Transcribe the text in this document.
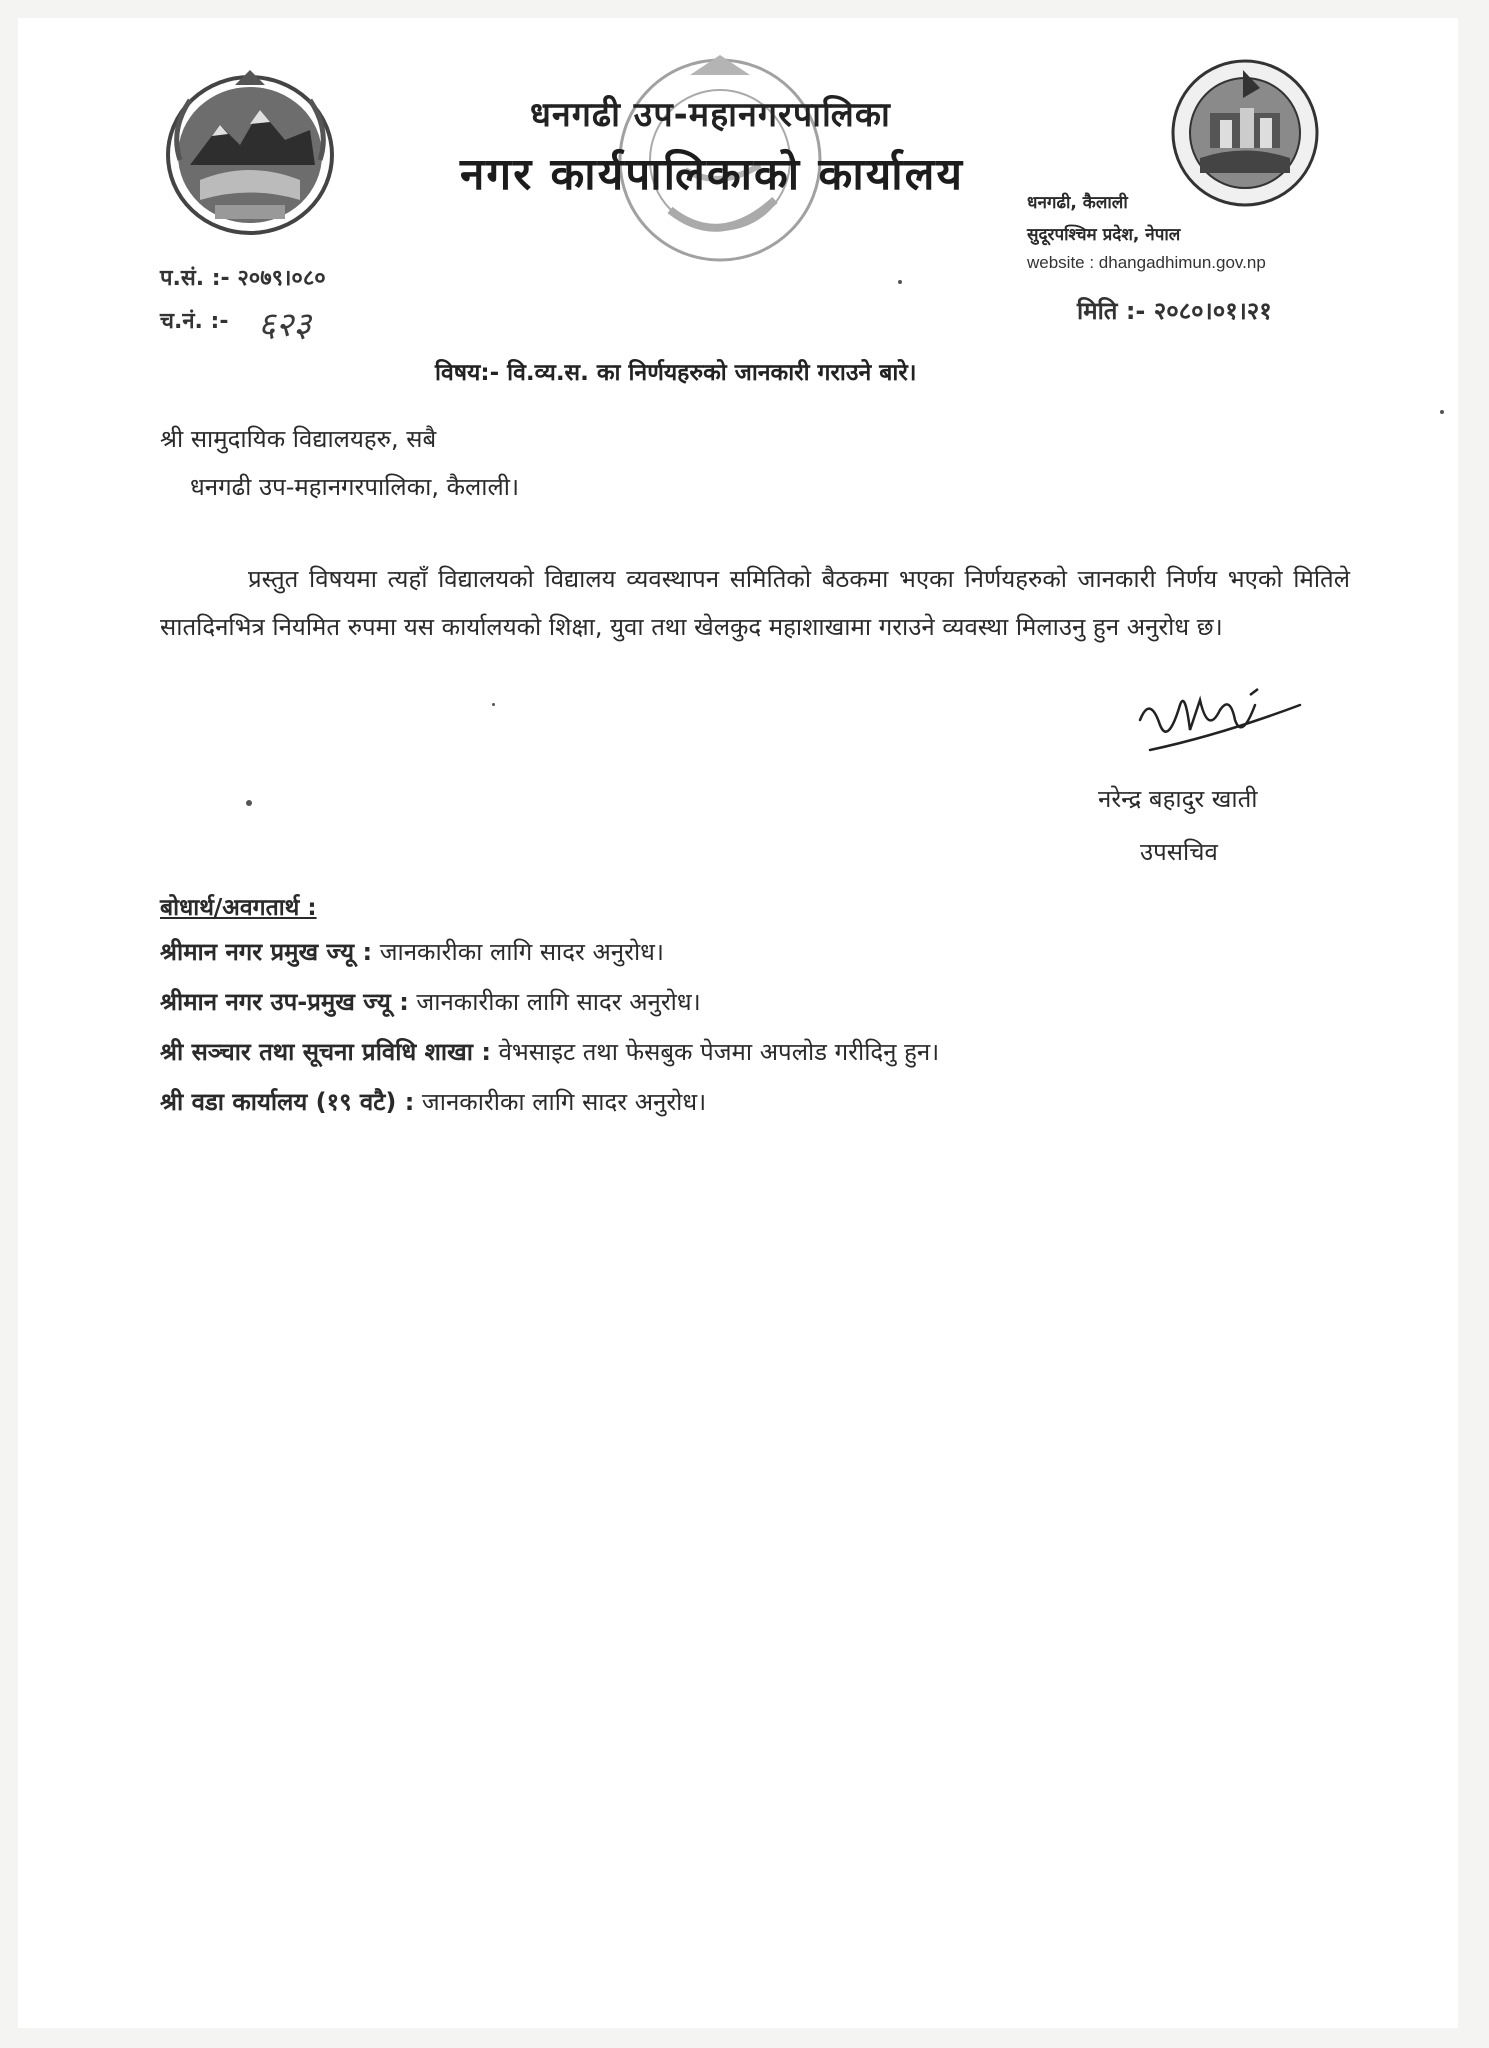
धनगढी उप-महानगरपालिका
नगर कार्यपालिकाको कार्यालय
धनगढी, कैलाली
सुदूरपश्चिम प्रदेश, नेपाल
website : dhangadhimun.gov.np
प.सं. :- २०७९।०८०
च.नं. :- ६२३	मिति :- २०८०।०१।२१
विषय:- वि.व्य.स. का निर्णयहरुको जानकारी गराउने बारे।
श्री सामुदायिक विद्यालयहरु, सबै
धनगढी उप-महानगरपालिका, कैलाली।
प्रस्तुत विषयमा त्यहाँ विद्यालयको विद्यालय व्यवस्थापन समितिको बैठकमा भएका निर्णयहरुको जानकारी निर्णय भएको मितिले सातदिनभित्र नियमित रुपमा यस कार्यालयको शिक्षा, युवा तथा खेलकुद महाशाखामा गराउने व्यवस्था मिलाउनु हुन अनुरोध छ।
नरेन्द्र बहादुर खाती
उपसचिव
बोधार्थ/अवगतार्थ :
श्रीमान नगर प्रमुख ज्यू : जानकारीका लागि सादर अनुरोध।
श्रीमान नगर उप-प्रमुख ज्यू : जानकारीका लागि सादर अनुरोध।
श्री सञ्चार तथा सूचना प्रविधि शाखा : वेभसाइट तथा फेसबुक पेजमा अपलोड गरीदिनु हुन।
श्री वडा कार्यालय (१९ वटै) : जानकारीका लागि सादर अनुरोध।
